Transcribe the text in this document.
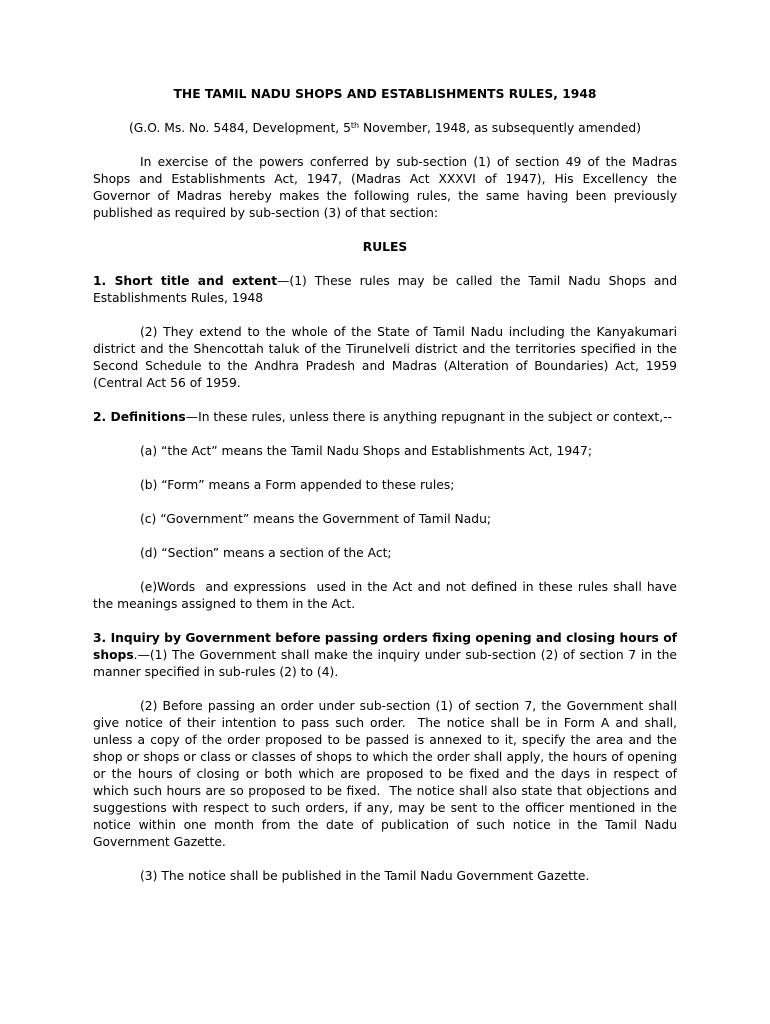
THE TAMIL NADU SHOPS AND ESTABLISHMENTS RULES, 1948
(G.O. Ms. No. 5484, Development, 5th November, 1948, as subsequently amended)

In exercise of the powers conferred by sub-section (1) of section 49 of the Madras Shops and Establishments Act, 1947, (Madras Act XXXVI of 1947), His Excellency the Governor of Madras hereby makes the following rules, the same having been previously published as required by sub-section (3) of that section:

RULES

1. Short title and extent—(1) These rules may be called the Tamil Nadu Shops and Establishments Rules, 1948

(2) They extend to the whole of the State of Tamil Nadu including the Kanyakumari district and the Shencottah taluk of the Tirunelveli district and the territories specified in the Second Schedule to the Andhra Pradesh and Madras (Alteration of Boundaries) Act, 1959 (Central Act 56 of 1959.

2. Definitions—In these rules, unless there is anything repugnant in the subject or context,--

(a) “the Act” means the Tamil Nadu Shops and Establishments Act, 1947;

(b) “Form” means a Form appended to these rules;

(c) “Government” means the Government of Tamil Nadu;

(d) “Section” means a section of the Act;

(e)Words  and expressions  used in the Act and not defined in these rules shall have the meanings assigned to them in the Act.

3. Inquiry by Government before passing orders fixing opening and closing hours of shops.—(1) The Government shall make the inquiry under sub-section (2) of section 7 in the manner specified in sub-rules (2) to (4).

(2) Before passing an order under sub-section (1) of section 7, the Government shall give notice of their intention to pass such order.  The notice shall be in Form A and shall, unless a copy of the order proposed to be passed is annexed to it, specify the area and the shop or shops or class or classes of shops to which the order shall apply, the hours of opening or the hours of closing or both which are proposed to be fixed and the days in respect of which such hours are so proposed to be fixed.  The notice shall also state that objections and suggestions with respect to such orders, if any, may be sent to the officer mentioned in the notice within one month from the date of publication of such notice in the Tamil Nadu Government Gazette.

(3) The notice shall be published in the Tamil Nadu Government Gazette.
